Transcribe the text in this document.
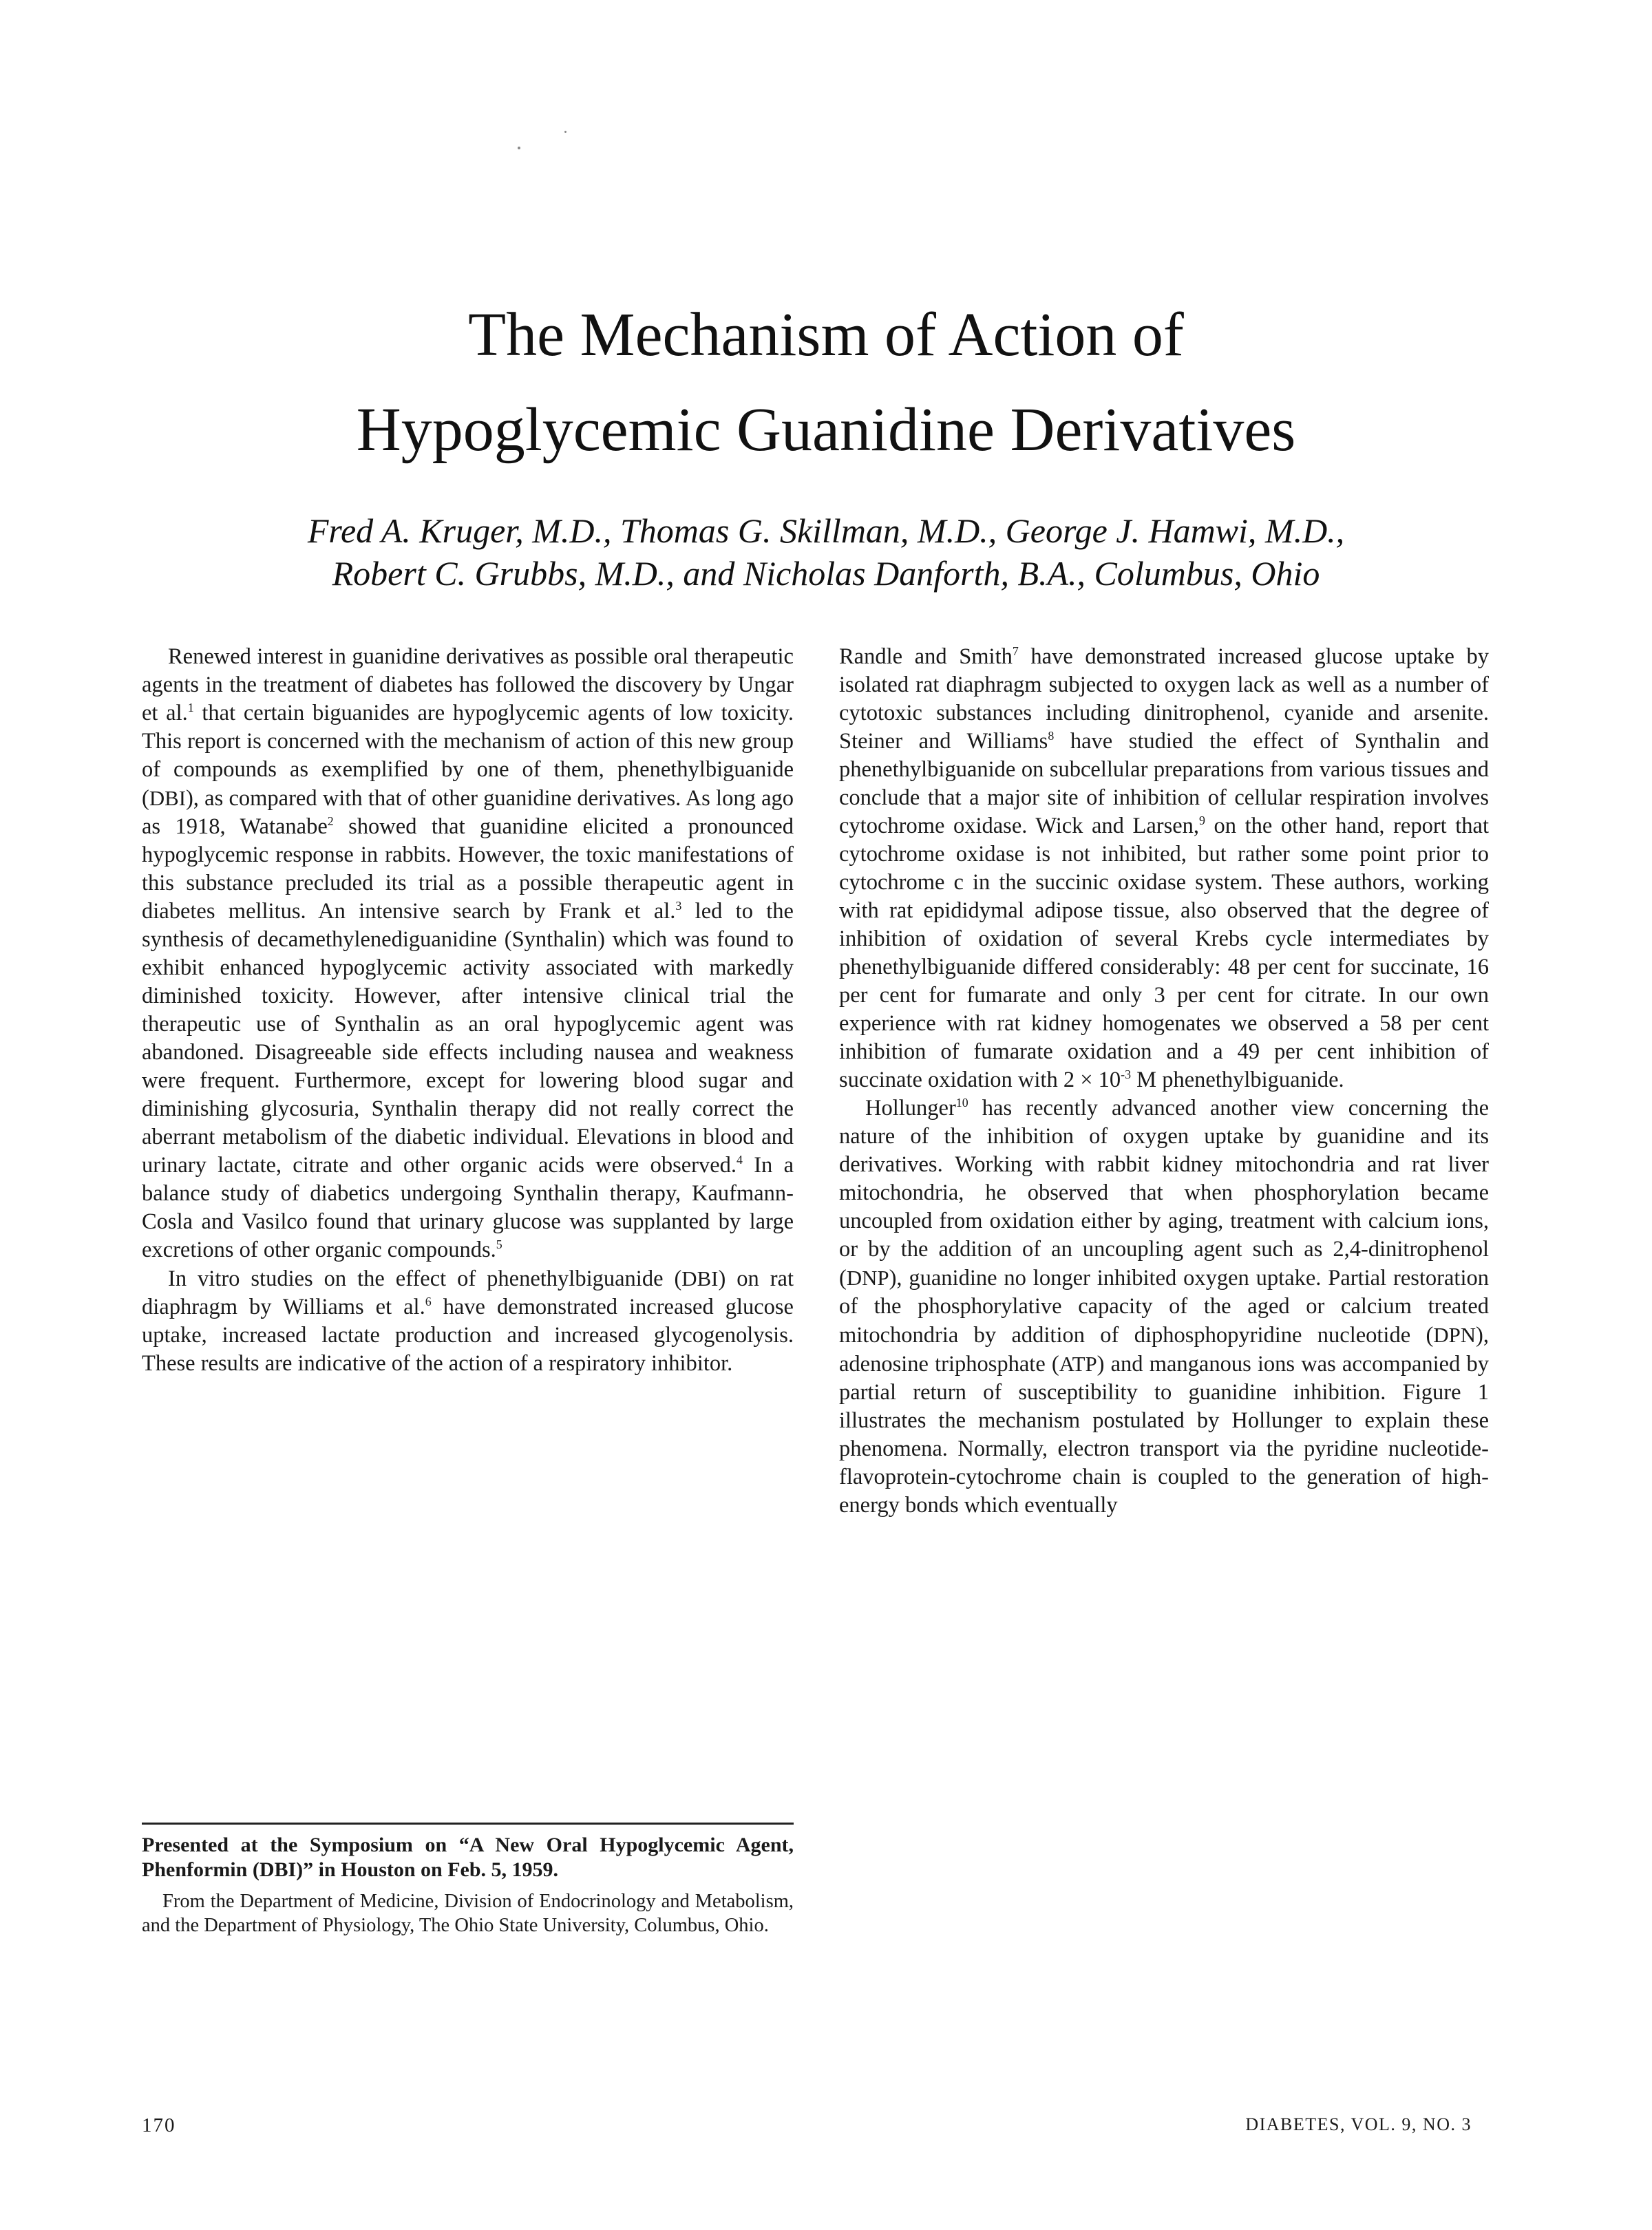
The Mechanism of Action of
Hypoglycemic Guanidine Derivatives
Fred A. Kruger, M.D., Thomas G. Skillman, M.D., George J. Hamwi, M.D.,
Robert C. Grubbs, M.D., and Nicholas Danforth, B.A., Columbus, Ohio

Renewed interest in guanidine derivatives as possible oral therapeutic agents in the treatment of diabetes has followed the discovery by Ungar et al.$^1$ that certain biguanides are hypoglycemic agents of low toxicity. This report is concerned with the mechanism of action of this new group of compounds as exemplified by one of them, phenethylbiguanide (DBI), as compared with that of other guanidine derivatives. As long ago as 1918, Watanabe$^2$ showed that guanidine elicited a pronounced hypoglycemic response in rabbits. However, the toxic manifestations of this substance precluded its trial as a possible therapeutic agent in diabetes mellitus. An intensive search by Frank et al.$^3$ led to the synthesis of decamethylenediguanidine (Synthalin) which was found to exhibit enhanced hypoglycemic activity associated with markedly diminished toxicity. However, after intensive clinical trial the therapeutic use of Synthalin as an oral hypoglycemic agent was abandoned. Disagreeable side effects including nausea and weakness were frequent. Furthermore, except for lowering blood sugar and diminishing glycosuria, Synthalin therapy did not really correct the aberrant metabolism of the diabetic individual. Elevations in blood and urinary lactate, citrate and other organic acids were observed.$^4$ In a balance study of diabetics undergoing Synthalin therapy, Kaufmann-Cosla and Vasilco found that urinary glucose was supplanted by large excretions of other organic compounds.$^5$

In vitro studies on the effect of phenethylbiguanide (DBI) on rat diaphragm by Williams et al.$^6$ have demonstrated increased glucose uptake, increased lactate production and increased glycogenolysis. These results are indicative of the action of a respiratory inhibitor.

Randle and Smith$^7$ have demonstrated increased glucose uptake by isolated rat diaphragm subjected to oxygen lack as well as a number of cytotoxic substances including dinitrophenol, cyanide and arsenite. Steiner and Williams$^8$ have studied the effect of Synthalin and phenethylbiguanide on subcellular preparations from various tissues and conclude that a major site of inhibition of cellular respiration involves cytochrome oxidase. Wick and Larsen,$^9$ on the other hand, report that cytochrome oxidase is not inhibited, but rather some point prior to cytochrome c in the succinic oxidase system. These authors, working with rat epididymal adipose tissue, also observed that the degree of inhibition of oxidation of several Krebs cycle intermediates by phenethylbiguanide differed considerably: 48 per cent for succinate, 16 per cent for fumarate and only 3 per cent for citrate. In our own experience with rat kidney homogenates we observed a 58 per cent inhibition of fumarate oxidation and a 49 per cent inhibition of succinate oxidation with $2 \times 10^{-3}$ M phenethylbiguanide.

Hollunger$^{10}$ has recently advanced another view concerning the nature of the inhibition of oxygen uptake by guanidine and its derivatives. Working with rabbit kidney mitochondria and rat liver mitochondria, he observed that when phosphorylation became uncoupled from oxidation either by aging, treatment with calcium ions, or by the addition of an uncoupling agent such as 2,4-dinitrophenol (DNP), guanidine no longer inhibited oxygen uptake. Partial restoration of the phosphorylative capacity of the aged or calcium treated mitochondria by addition of diphosphopyridine nucleotide (DPN), adenosine triphosphate (ATP) and manganous ions was accompanied by partial return of susceptibility to guanidine inhibition. Figure 1 illustrates the mechanism postulated by Hollunger to explain these phenomena. Normally, electron transport via the pyridine nucleotide-flavoprotein-cytochrome chain is coupled to the generation of high-energy bonds which eventually

Presented at the Symposium on “A New Oral Hypoglycemic Agent, Phenformin (DBI)” in Houston on Feb. 5, 1959.

From the Department of Medicine, Division of Endocrinology and Metabolism, and the Department of Physiology, The Ohio State University, Columbus, Ohio.

170	DIABETES, VOL. 9, NO. 3
